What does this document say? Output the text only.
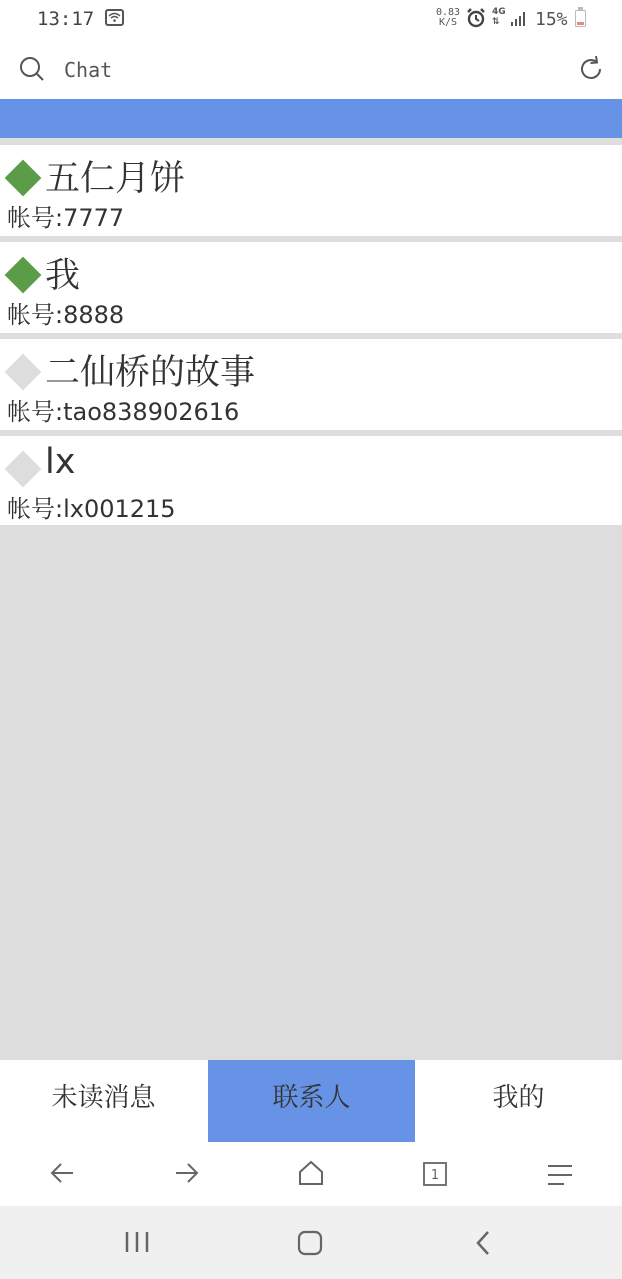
13:17	0.83
K/S
4G
⇅	15%
Chat
五仁月饼
帐号:7777
我
帐号:8888
二仙桥的故事
帐号:tao838902616
lx
帐号:lx001215
未读消息	联系人	我的
1
